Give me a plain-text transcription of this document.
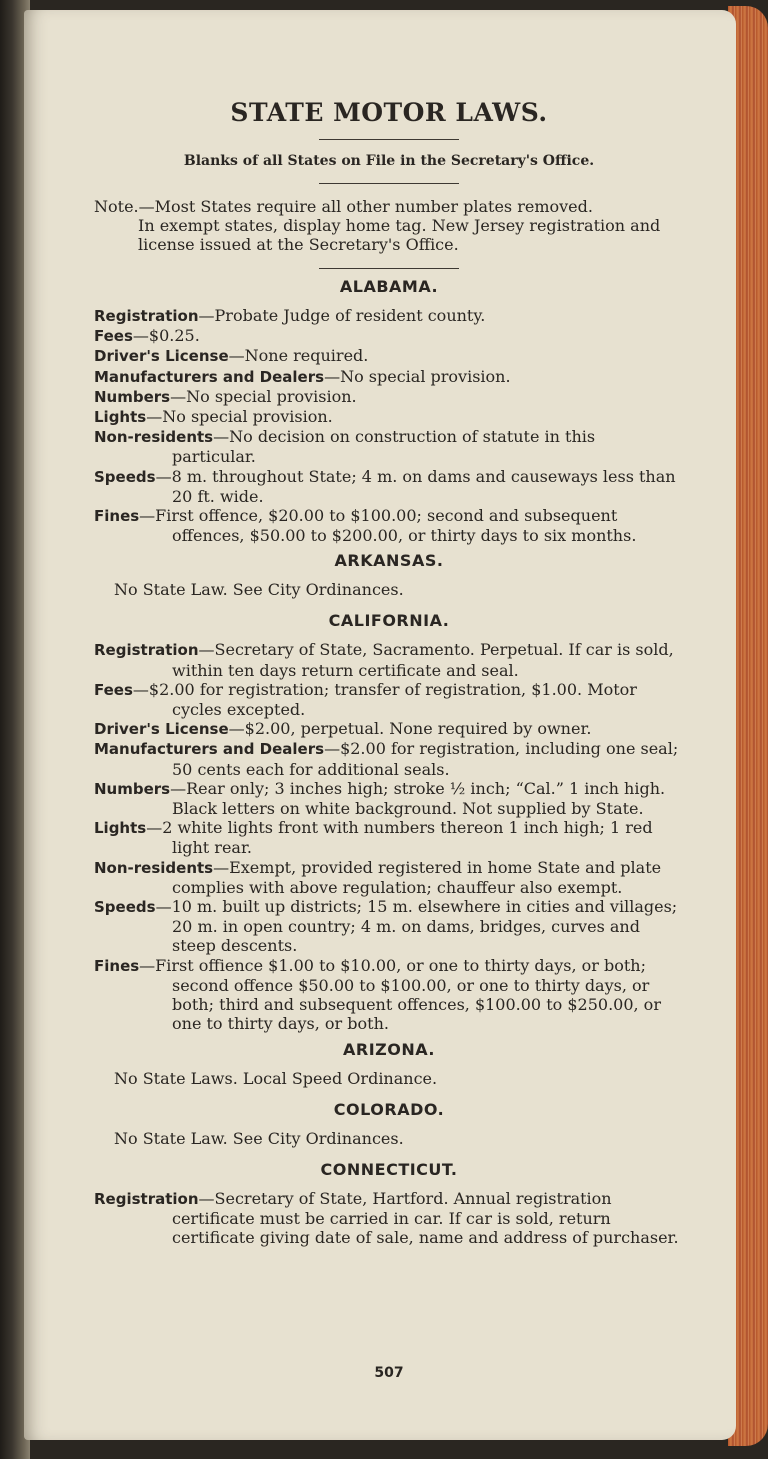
STATE MOTOR LAWS.
Blanks of all States on File in the Secretary's Office.
Note.—Most States require all other number plates removed.
In exempt states, display home tag. New Jersey registration and license issued at the Secretary's Office.
ALABAMA.
Registration—Probate Judge of resident county.
Fees—$0.25.
Driver's License—None required.
Manufacturers and Dealers—No special provision.
Numbers—No special provision.
Lights—No special provision.
Non-residents—No decision on construction of statute in this particular.
Speeds—8 m. throughout State; 4 m. on dams and causeways less than 20 ft. wide.
Fines—First offence, $20.00 to $100.00; second and subsequent offences, $50.00 to $200.00, or thirty days to six months.
ARKANSAS.
No State Law. See City Ordinances.
CALIFORNIA.
Registration—Secretary of State, Sacramento. Perpetual. If car is sold, within ten days return certificate and seal.
Fees—$2.00 for registration; transfer of registration, $1.00. Motor cycles excepted.
Driver's License—$2.00, perpetual. None required by owner.
Manufacturers and Dealers—$2.00 for registration, including one seal; 50 cents each for additional seals.
Numbers—Rear only; 3 inches high; stroke ½ inch; “Cal.” 1 inch high. Black letters on white background. Not supplied by State.
Lights—2 white lights front with numbers thereon 1 inch high; 1 red light rear.
Non-residents—Exempt, provided registered in home State and plate complies with above regulation; chauffeur also exempt.
Speeds—10 m. built up districts; 15 m. elsewhere in cities and villages; 20 m. in open country; 4 m. on dams, bridges, curves and steep descents.
Fines—First offience $1.00 to $10.00, or one to thirty days, or both; second offence $50.00 to $100.00, or one to thirty days, or both; third and subsequent offences, $100.00 to $250.00, or one to thirty days, or both.
ARIZONA.
No State Laws. Local Speed Ordinance.
COLORADO.
No State Law. See City Ordinances.
CONNECTICUT.
Registration—Secretary of State, Hartford. Annual registration certificate must be carried in car. If car is sold, return certificate giving date of sale, name and address of purchaser.
507
